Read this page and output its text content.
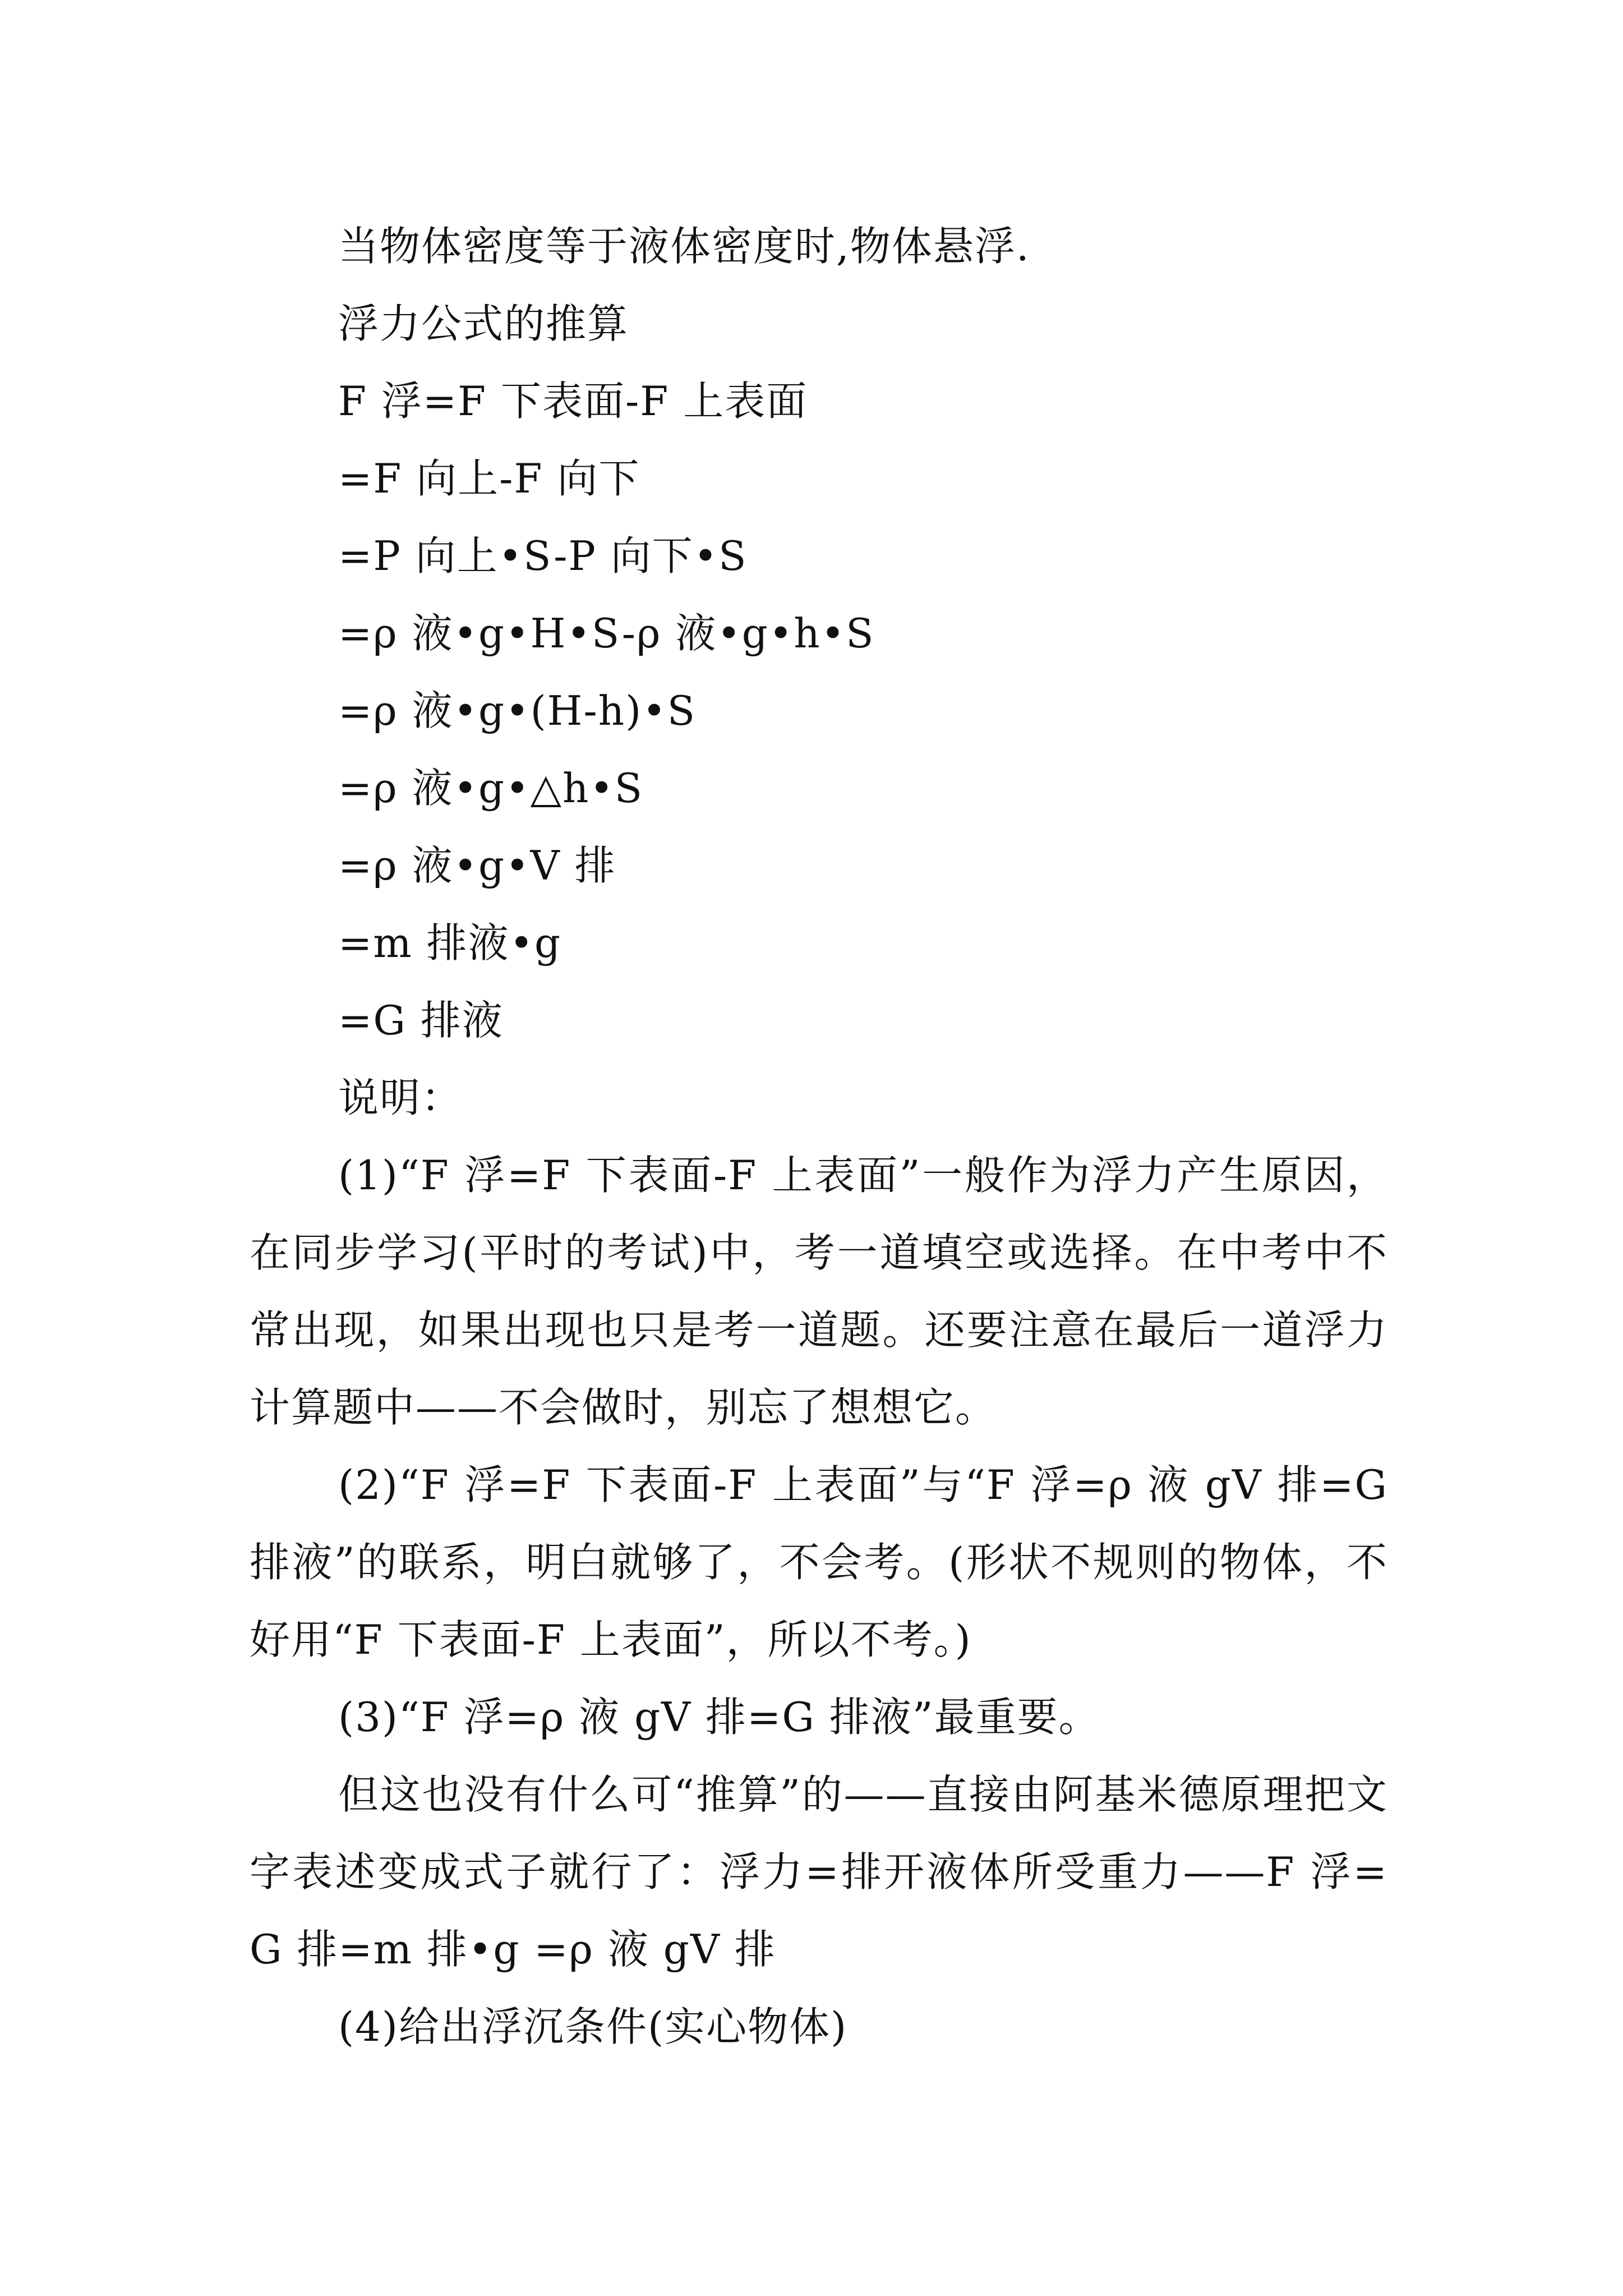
当物体密度等于液体密度时,物体悬浮.
浮力公式的推算
F 浮=F 下表面-F 上表面
=F 向上-F 向下
=P 向上•S-P 向下•S
=ρ 液•g•H•S-ρ 液•g•h•S
=ρ 液•g•(H-h)•S
=ρ 液•g•△h•S
=ρ 液•g•V 排
=m 排液•g
=G 排液
说明：
(1)“F 浮=F 下表面-F 上表面”一般作为浮力产生原因，在同步学习(平时的考试)中，考一道填空或选择。在中考中不常出现，如果出现也只是考一道题。还要注意在最后一道浮力计算题中——不会做时，别忘了想想它。
(2)“F 浮=F 下表面-F 上表面”与“F 浮=ρ 液 gV 排=G 排液”的联系，明白就够了，不会考。(形状不规则的物体，不好用“F 下表面-F 上表面”，所以不考。)
(3)“F 浮=ρ 液 gV 排=G 排液”最重要。
但这也没有什么可“推算”的——直接由阿基米德原理把文字表述变成式子就行了：浮力=排开液体所受重力——F 浮=G 排=m 排•g =ρ 液 gV 排
(4)给出浮沉条件(实心物体)
